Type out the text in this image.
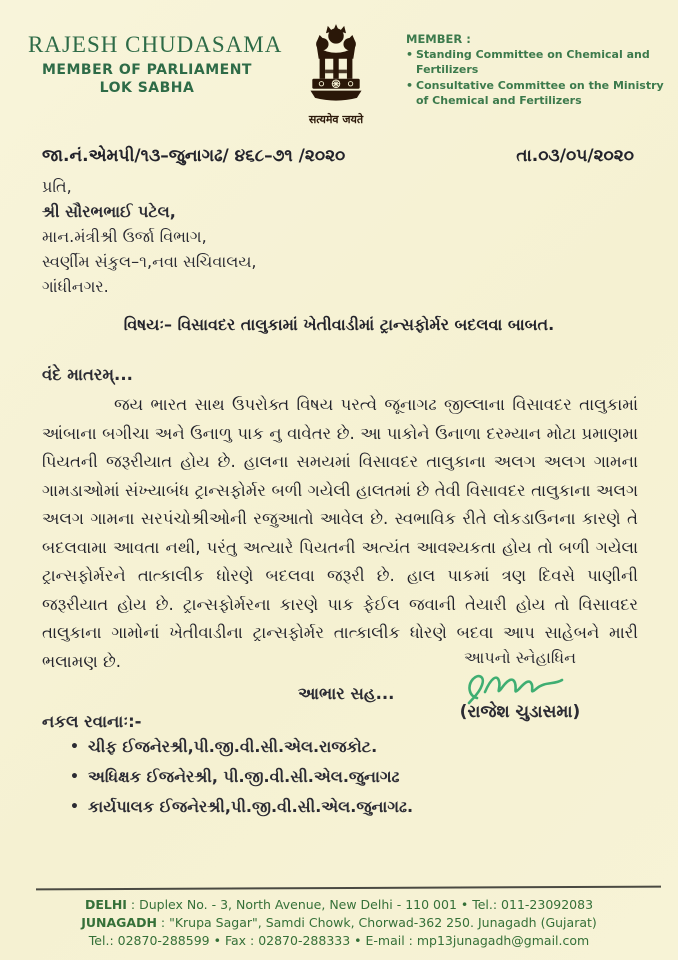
RAJESH CHUDASAMA
MEMBER OF PARLIAMENT
LOK SABHA
सत्यमेव जयते
MEMBER :
• Standing Committee on Chemical and Fertilizers
• Consultative Committee on the Ministry of Chemical and Fertilizers
જા.નં.એમપી/૧૩–જુનાગઢ/ ૪૬૮–૭૧ /૨૦૨૦	તા.૦૩/૦૫/૨૦૨૦
પ્રતિ,
શ્રી સૌરભભાઈ પટેલ,
માન.મંત્રીશ્રી ઉર્જા વિભાગ,
સ્વર્ણીમ સંકુલ–૧,નવા સચિવાલય,
ગાંધીનગર.
વિષયઃ– વિસાવદર તાલુકામાં ખેતીવાડીમાં ટ્રાન્સફોર્મર બદલવા બાબત.
વંદે માતરમ્...
જય ભારત સાથ ઉપરોક્ત વિષય પરત્વે જૂનાગઢ જીલ્લાના વિસાવદર તાલુકામાં આંબાના બગીચા અને ઉનાળુ પાક નુ વાવેતર છે. આ પાકોને ઉનાળા દરમ્યાન મોટા પ્રમાણમા પિયતની જરૂરીયાત હોય છે. હાલના સમયમાં વિસાવદર તાલુકાના અલગ અલગ ગામના ગામડાઓમાં સંખ્યાબંધ ટ્રાન્સફોર્મર બળી ગયેલી હાલતમાં છે તેવી વિસાવદર તાલુકાના અલગ અલગ ગામના સરપંચોશ્રીઓની રજુઆતો આવેલ છે. સ્વભાવિક રીતે લોકડાઉનના કારણે તે બદલવામા આવતા નથી, પરંતુ અત્યારે પિયતની અત્યંત આવશ્યકતા હોય તો બળી ગયેલા ટ્રાન્સફોર્મરને તાત્કાલીક ધોરણે બદલવા જરૂરી છે. હાલ પાકમાં ત્રણ દિવસે પાણીની જરૂરીયાત હોય છે. ટ્રાન્સફોર્મરના કારણે પાક ફેઈલ જવાની તેયારી હોય તો વિસાવદર તાલુકાના ગામોનાં ખેતીવાડીના ટ્રાન્સફોર્મર તાત્કાલીક ધોરણે બદવા આપ સાહેબને મારી ભલામણ છે.
આભાર સહ...
આપનો સ્નેહાધિન
(રાજેશ ચુડાસમા)
નકલ રવાનાઃ:-
• ચીફ ઈજનેરશ્રી,પી.જી.વી.સી.એલ.રાજકોટ.
• અધિક્ષક ઈજનેરશ્રી, પી.જી.વી.સી.એલ.જુનાગઢ
• કાર્યપાલક ઈજનેરશ્રી,પી.જી.વી.સી.એલ.જુનાગઢ.
DELHI : Duplex No. - 3, North Avenue, New Delhi - 110 001 • Tel.: 011-23092083
JUNAGADH : "Krupa Sagar", Samdi Chowk, Chorwad-362 250. Junagadh (Gujarat)
Tel.: 02870-288599 • Fax : 02870-288333 • E-mail : mp13junagadh@gmail.com
